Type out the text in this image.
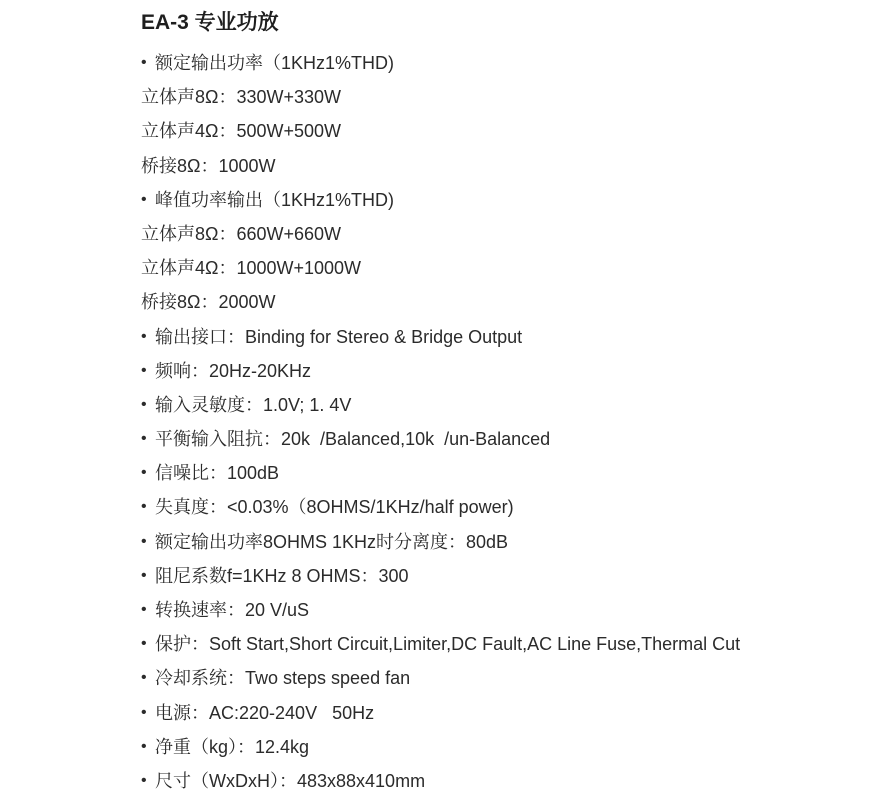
EA-3 专业功放
• 额定输出功率（1KHz1%THD)
立体声8Ω：330W+330W
立体声4Ω：500W+500W
桥接8Ω：1000W
• 峰值功率输出（1KHz1%THD)
立体声8Ω：660W+660W
立体声4Ω：1000W+1000W
桥接8Ω：2000W
• 输出接口：Binding for Stereo & Bridge Output
• 频响：20Hz-20KHz
• 输入灵敏度：1.0V; 1. 4V
• 平衡输入阻抗：20k  /Balanced,10k  /un-Balanced
• 信噪比：100dB
• 失真度：<0.03%（8OHMS/1KHz/half power)
• 额定输出功率8OHMS 1KHz时分离度：80dB
• 阻尼系数f=1KHz 8 OHMS：300
• 转换速率：20 V/uS
• 保护：Soft Start,Short Circuit,Limiter,DC Fault,AC Line Fuse,Thermal Cut
• 冷却系统：Two steps speed fan
• 电源：AC:220-240V   50Hz
• 净重（kg）：12.4kg
• 尺寸（WxDxH）：483x88x410mm
